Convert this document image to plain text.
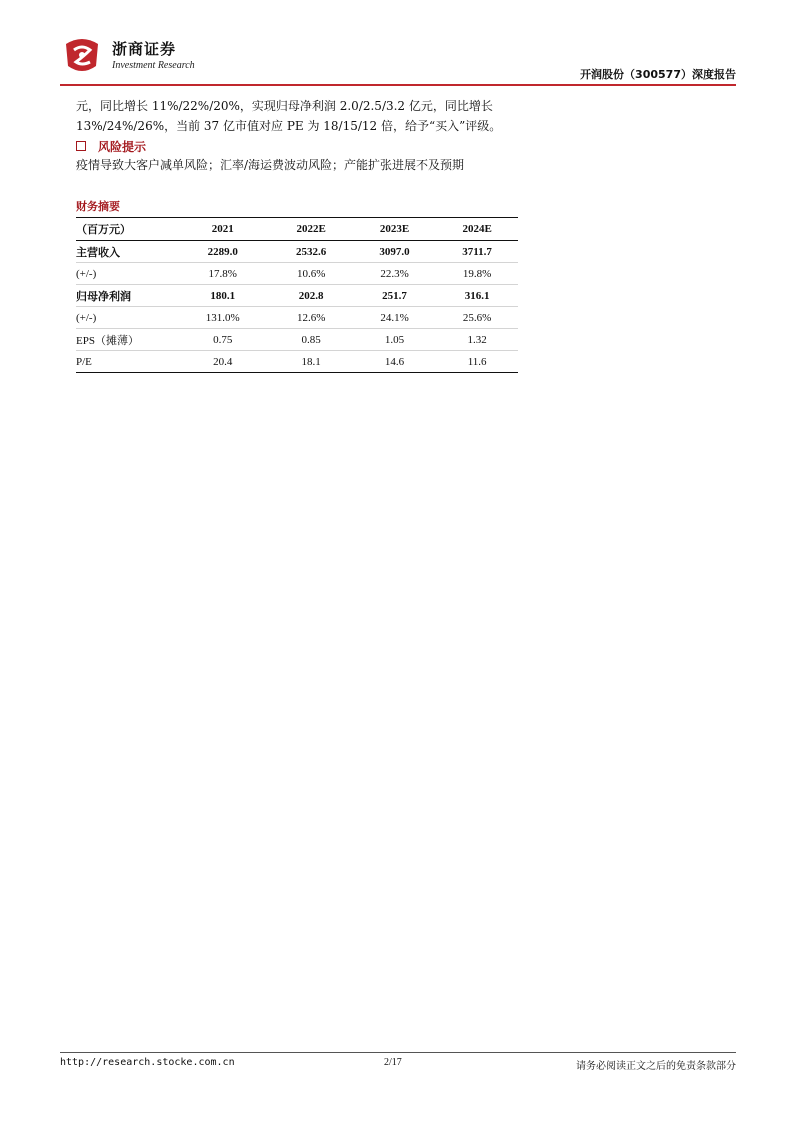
浙商证券
Investment Research
开润股份（300577）深度报告
元，同比增长 11%/22%/20%，实现归母净利润 2.0/2.5/3.2 亿元，同比增长
13%/24%/26%，当前 37 亿市值对应 PE 为 18/15/12 倍，给予“买入”评级。
风险提示
疫情导致大客户减单风险；汇率/海运费波动风险；产能扩张进展不及预期
财务摘要
（百万元）	2021	2022E	2023E	2024E
主营收入	2289.0	2532.6	3097.0	3711.7
(+/-)	17.8%	10.6%	22.3%	19.8%
归母净利润	180.1	202.8	251.7	316.1
(+/-)	131.0%	12.6%	24.1%	25.6%
EPS（摊薄）	0.75	0.85	1.05	1.32
P/E	20.4	18.1	14.6	11.6
http://research.stocke.com.cn	2/17	请务必阅读正文之后的免责条款部分
